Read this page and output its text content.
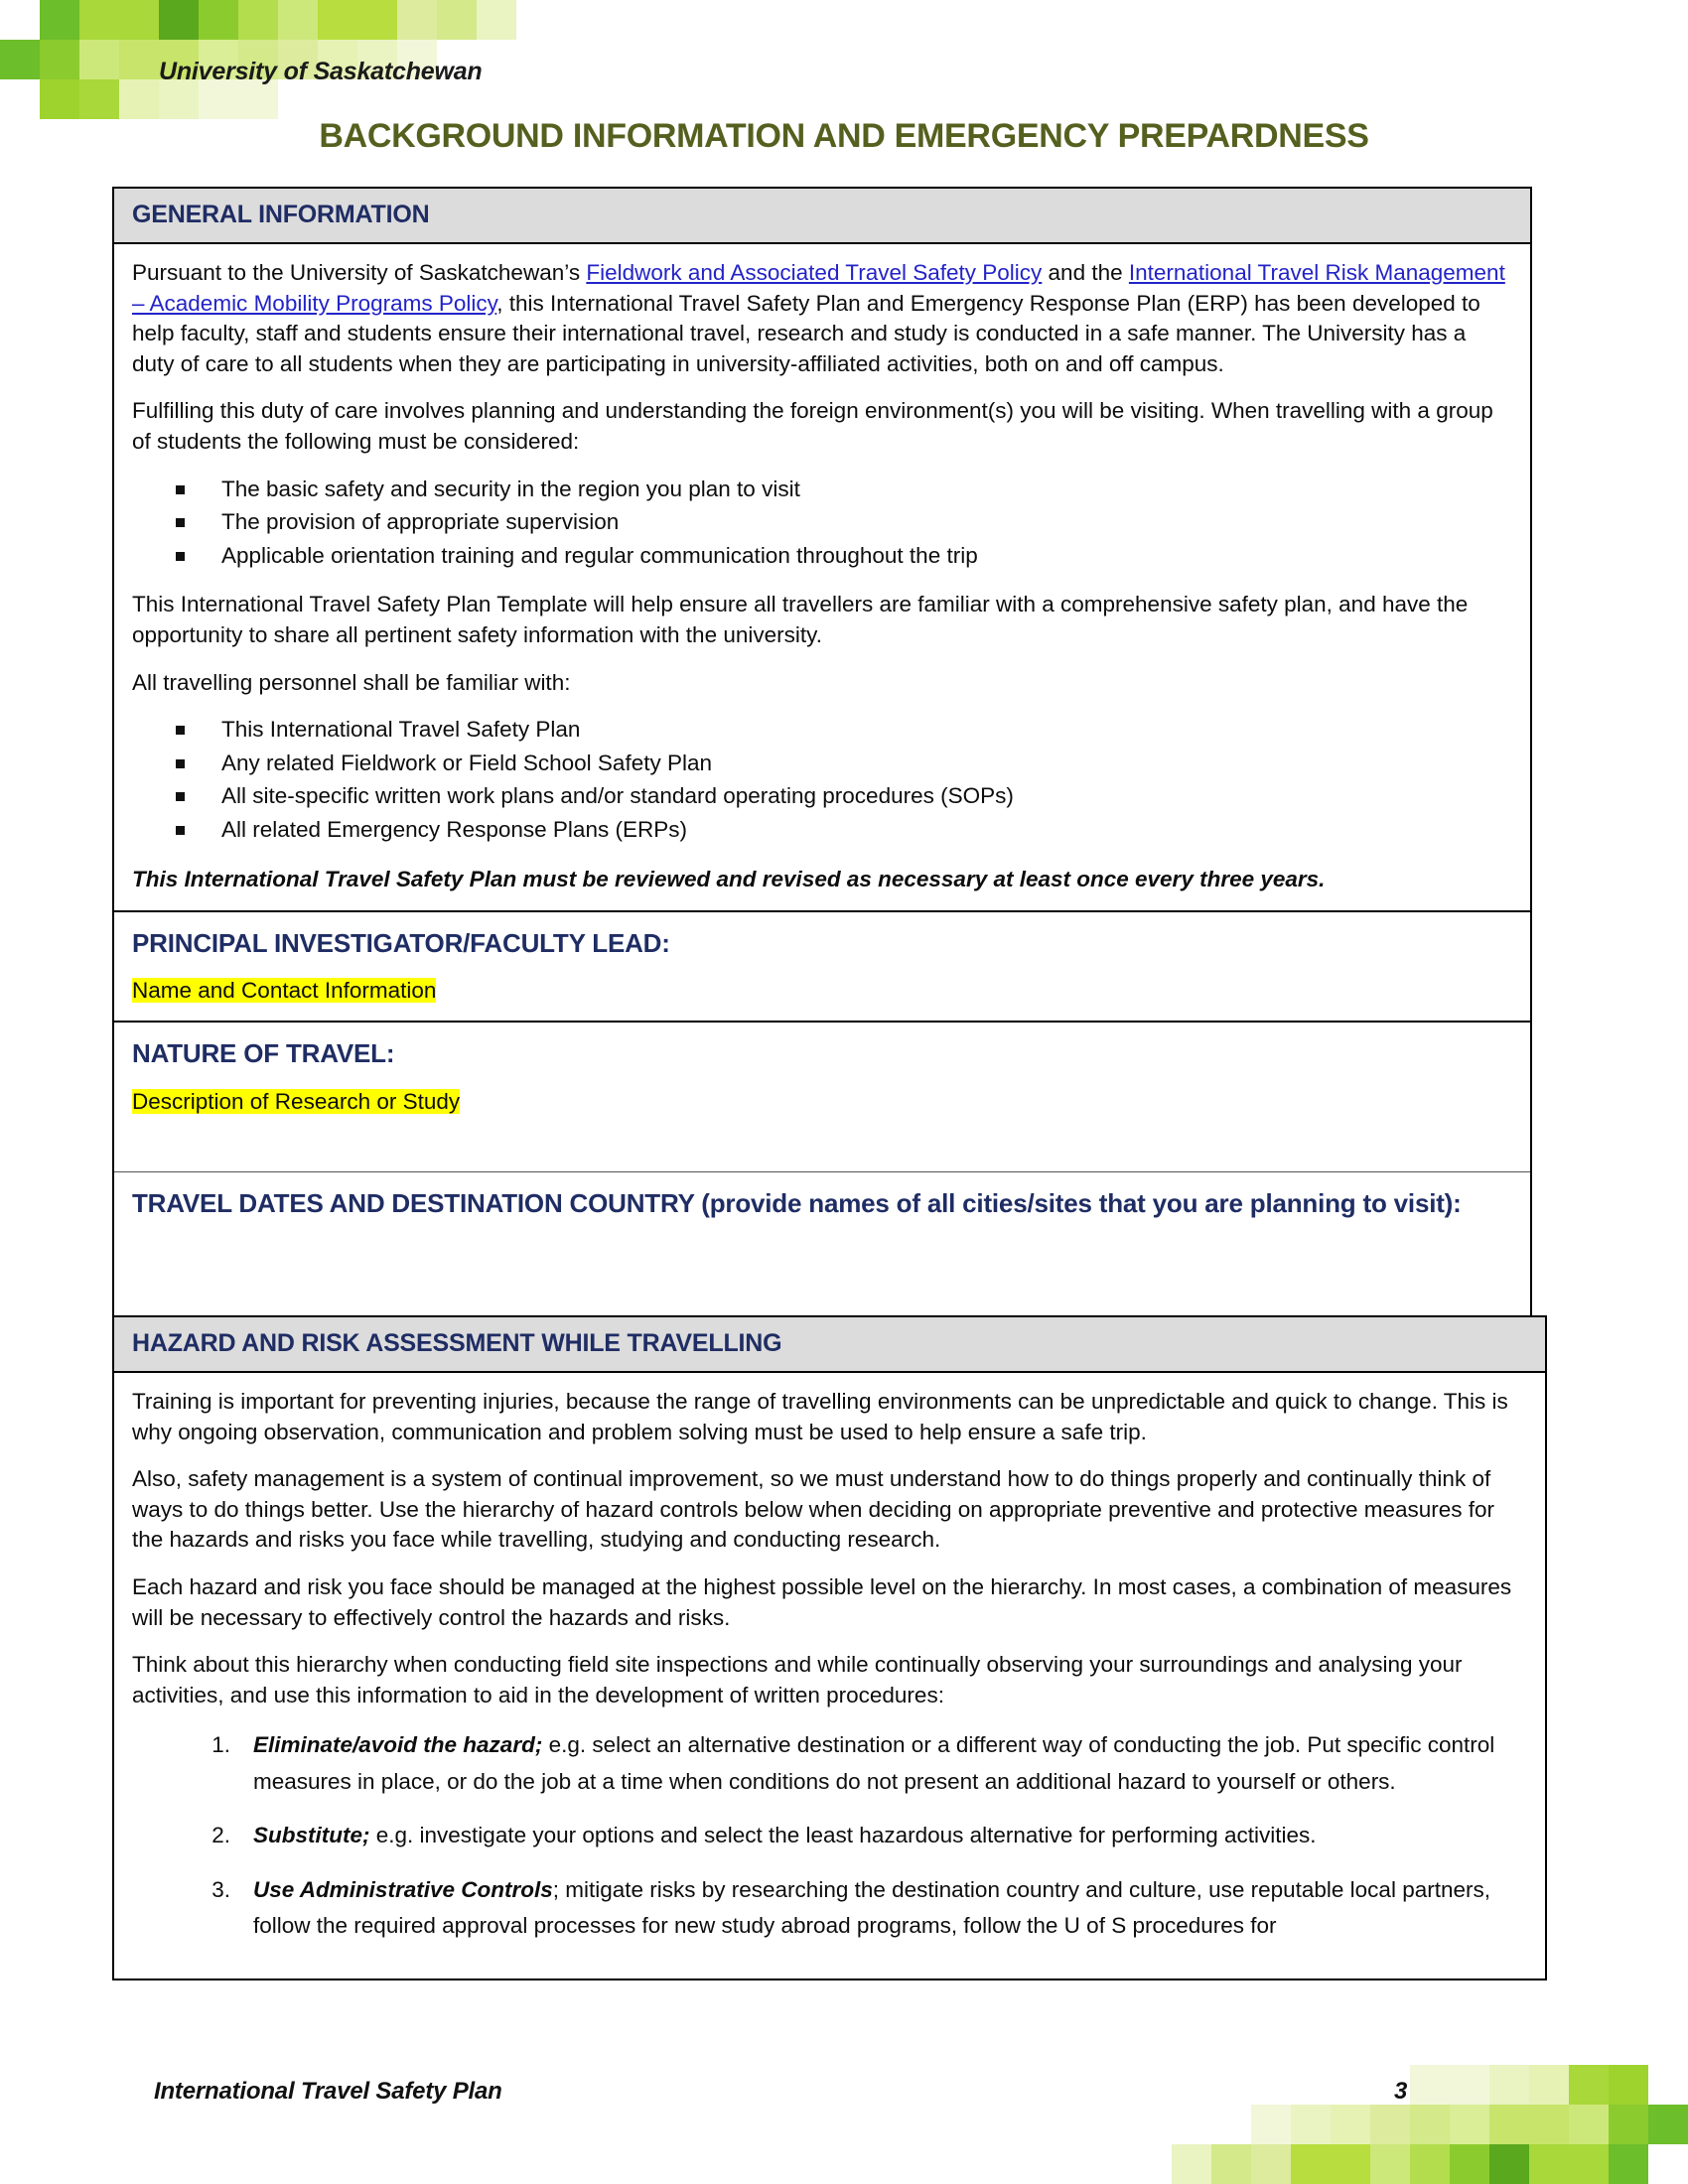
University of Saskatchewan
BACKGROUND INFORMATION AND EMERGENCY PREPARDNESS
GENERAL INFORMATION

Pursuant to the University of Saskatchewan’s Fieldwork and Associated Travel Safety Policy and the International Travel Risk Management – Academic Mobility Programs Policy, this International Travel Safety Plan and Emergency Response Plan (ERP) has been developed to help faculty, staff and students ensure their international travel, research and study is conducted in a safe manner. The University has a duty of care to all students when they are participating in university-affiliated activities, both on and off campus.

Fulfilling this duty of care involves planning and understanding the foreign environment(s) you will be visiting. When travelling with a group of students the following must be considered:

The basic safety and security in the region you plan to visit
The provision of appropriate supervision
Applicable orientation training and regular communication throughout the trip

This International Travel Safety Plan Template will help ensure all travellers are familiar with a comprehensive safety plan, and have the opportunity to share all pertinent safety information with the university.

All travelling personnel shall be familiar with:

This International Travel Safety Plan
Any related Fieldwork or Field School Safety Plan
All site-specific written work plans and/or standard operating procedures (SOPs)
All related Emergency Response Plans (ERPs)

This International Travel Safety Plan must be reviewed and revised as necessary at least once every three years.

PRINCIPAL INVESTIGATOR/FACULTY LEAD:
Name and Contact Information
NATURE OF TRAVEL:
Description of Research or Study
TRAVEL DATES AND DESTINATION COUNTRY (provide names of all cities/sites that you are planning to visit):
HAZARD AND RISK ASSESSMENT WHILE TRAVELLING

Training is important for preventing injuries, because the range of travelling environments can be unpredictable and quick to change. This is why ongoing observation, communication and problem solving must be used to help ensure a safe trip.

Also, safety management is a system of continual improvement, so we must understand how to do things properly and continually think of ways to do things better. Use the hierarchy of hazard controls below when deciding on appropriate preventive and protective measures for the hazards and risks you face while travelling, studying and conducting research.

Each hazard and risk you face should be managed at the highest possible level on the hierarchy. In most cases, a combination of measures will be necessary to effectively control the hazards and risks.

Think about this hierarchy when conducting field site inspections and while continually observing your surroundings and analysing your activities, and use this information to aid in the development of written procedures:

1. Eliminate/avoid the hazard; e.g. select an alternative destination or a different way of conducting the job. Put specific control measures in place, or do the job at a time when conditions do not present an additional hazard to yourself or others.
2. Substitute; e.g. investigate your options and select the least hazardous alternative for performing activities.
3. Use Administrative Controls; mitigate risks by researching the destination country and culture, use reputable local partners, follow the required approval processes for new study abroad programs, follow the U of S procedures for
International Travel Safety Plan	3
